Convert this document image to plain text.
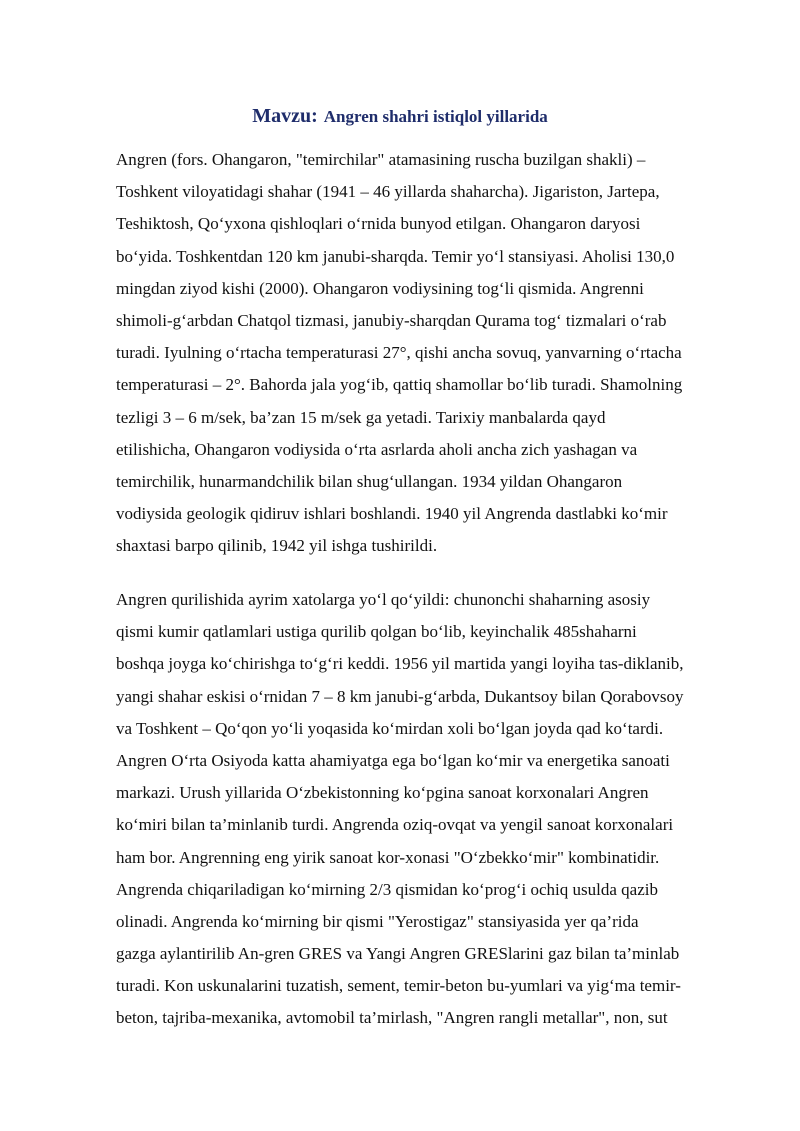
Mavzu: Angren shahri istiqlol yillarida
Angren (fors. Ohangaron, "temirchilar" atamasining ruscha buzilgan shakli) –
Toshkent viloyatidagi shahar (1941 – 46 yillarda shaharcha). Jigariston, Jartepa,
Teshiktosh, Qo‘yxona qishloqlari o‘rnida bunyod etilgan. Ohangaron daryosi
bo‘yida. Toshkentdan 120 km janubi-sharqda. Temir yo‘l stansiyasi. Aholisi 130,0
mingdan ziyod kishi (2000). Ohangaron vodiysining tog‘li qismida. Angrenni
shimoli-g‘arbdan Chatqol tizmasi, janubiy-sharqdan Qurama tog‘ tizmalari o‘rab
turadi. Iyulning o‘rtacha temperaturasi 27°, qishi ancha sovuq, yanvarning o‘rtacha
temperaturasi – 2°. Bahorda jala yog‘ib, qattiq shamollar bo‘lib turadi. Shamolning
tezligi 3 – 6 m/sek, ba’zan 15 m/sek ga yetadi. Tarixiy manbalarda qayd
etilishicha, Ohangaron vodiysida o‘rta asrlarda aholi ancha zich yashagan va
temirchilik, hunarmandchilik bilan shug‘ullangan. 1934 yildan Ohangaron
vodiysida geologik qidiruv ishlari boshlandi. 1940 yil Angrenda dastlabki ko‘mir
shaxtasi barpo qilinib, 1942 yil ishga tushirildi.
Angren qurilishida ayrim xatolarga yo‘l qo‘yildi: chunonchi shaharning asosiy
qismi kumir qatlamlari ustiga qurilib qolgan bo‘lib, keyinchalik 485shaharni
boshqa joyga ko‘chirishga to‘g‘ri keddi. 1956 yil martida yangi loyiha tas-diklanib,
yangi shahar eskisi o‘rnidan 7 – 8 km janubi-g‘arbda, Dukantsoy bilan Qorabovsoy
va Toshkent – Qo‘qon yo‘li yoqasida ko‘mirdan xoli bo‘lgan joyda qad ko‘tardi.
Angren O‘rta Osiyoda katta ahamiyatga ega bo‘lgan ko‘mir va energetika sanoati
markazi. Urush yillarida O‘zbekistonning ko‘pgina sanoat korxonalari Angren
ko‘miri bilan ta’minlanib turdi. Angrenda oziq-ovqat va yengil sanoat korxonalari
ham bor. Angrenning eng yirik sanoat kor-xonasi "O‘zbekko‘mir" kombinatidir.
Angrenda chiqariladigan ko‘mirning 2/3 qismidan ko‘prog‘i ochiq usulda qazib
olinadi. Angrenda ko‘mirning bir qismi "Yerostigaz" stansiyasida yer qa’rida
gazga aylantirilib An-gren GRES va Yangi Angren GRESlarini gaz bilan ta’minlab
turadi. Kon uskunalarini tuzatish, sement, temir-beton bu-yumlari va yig‘ma temir-
beton, tajriba-mexanika, avtomobil ta’mirlash, "Angren rangli metallar", non, sut
